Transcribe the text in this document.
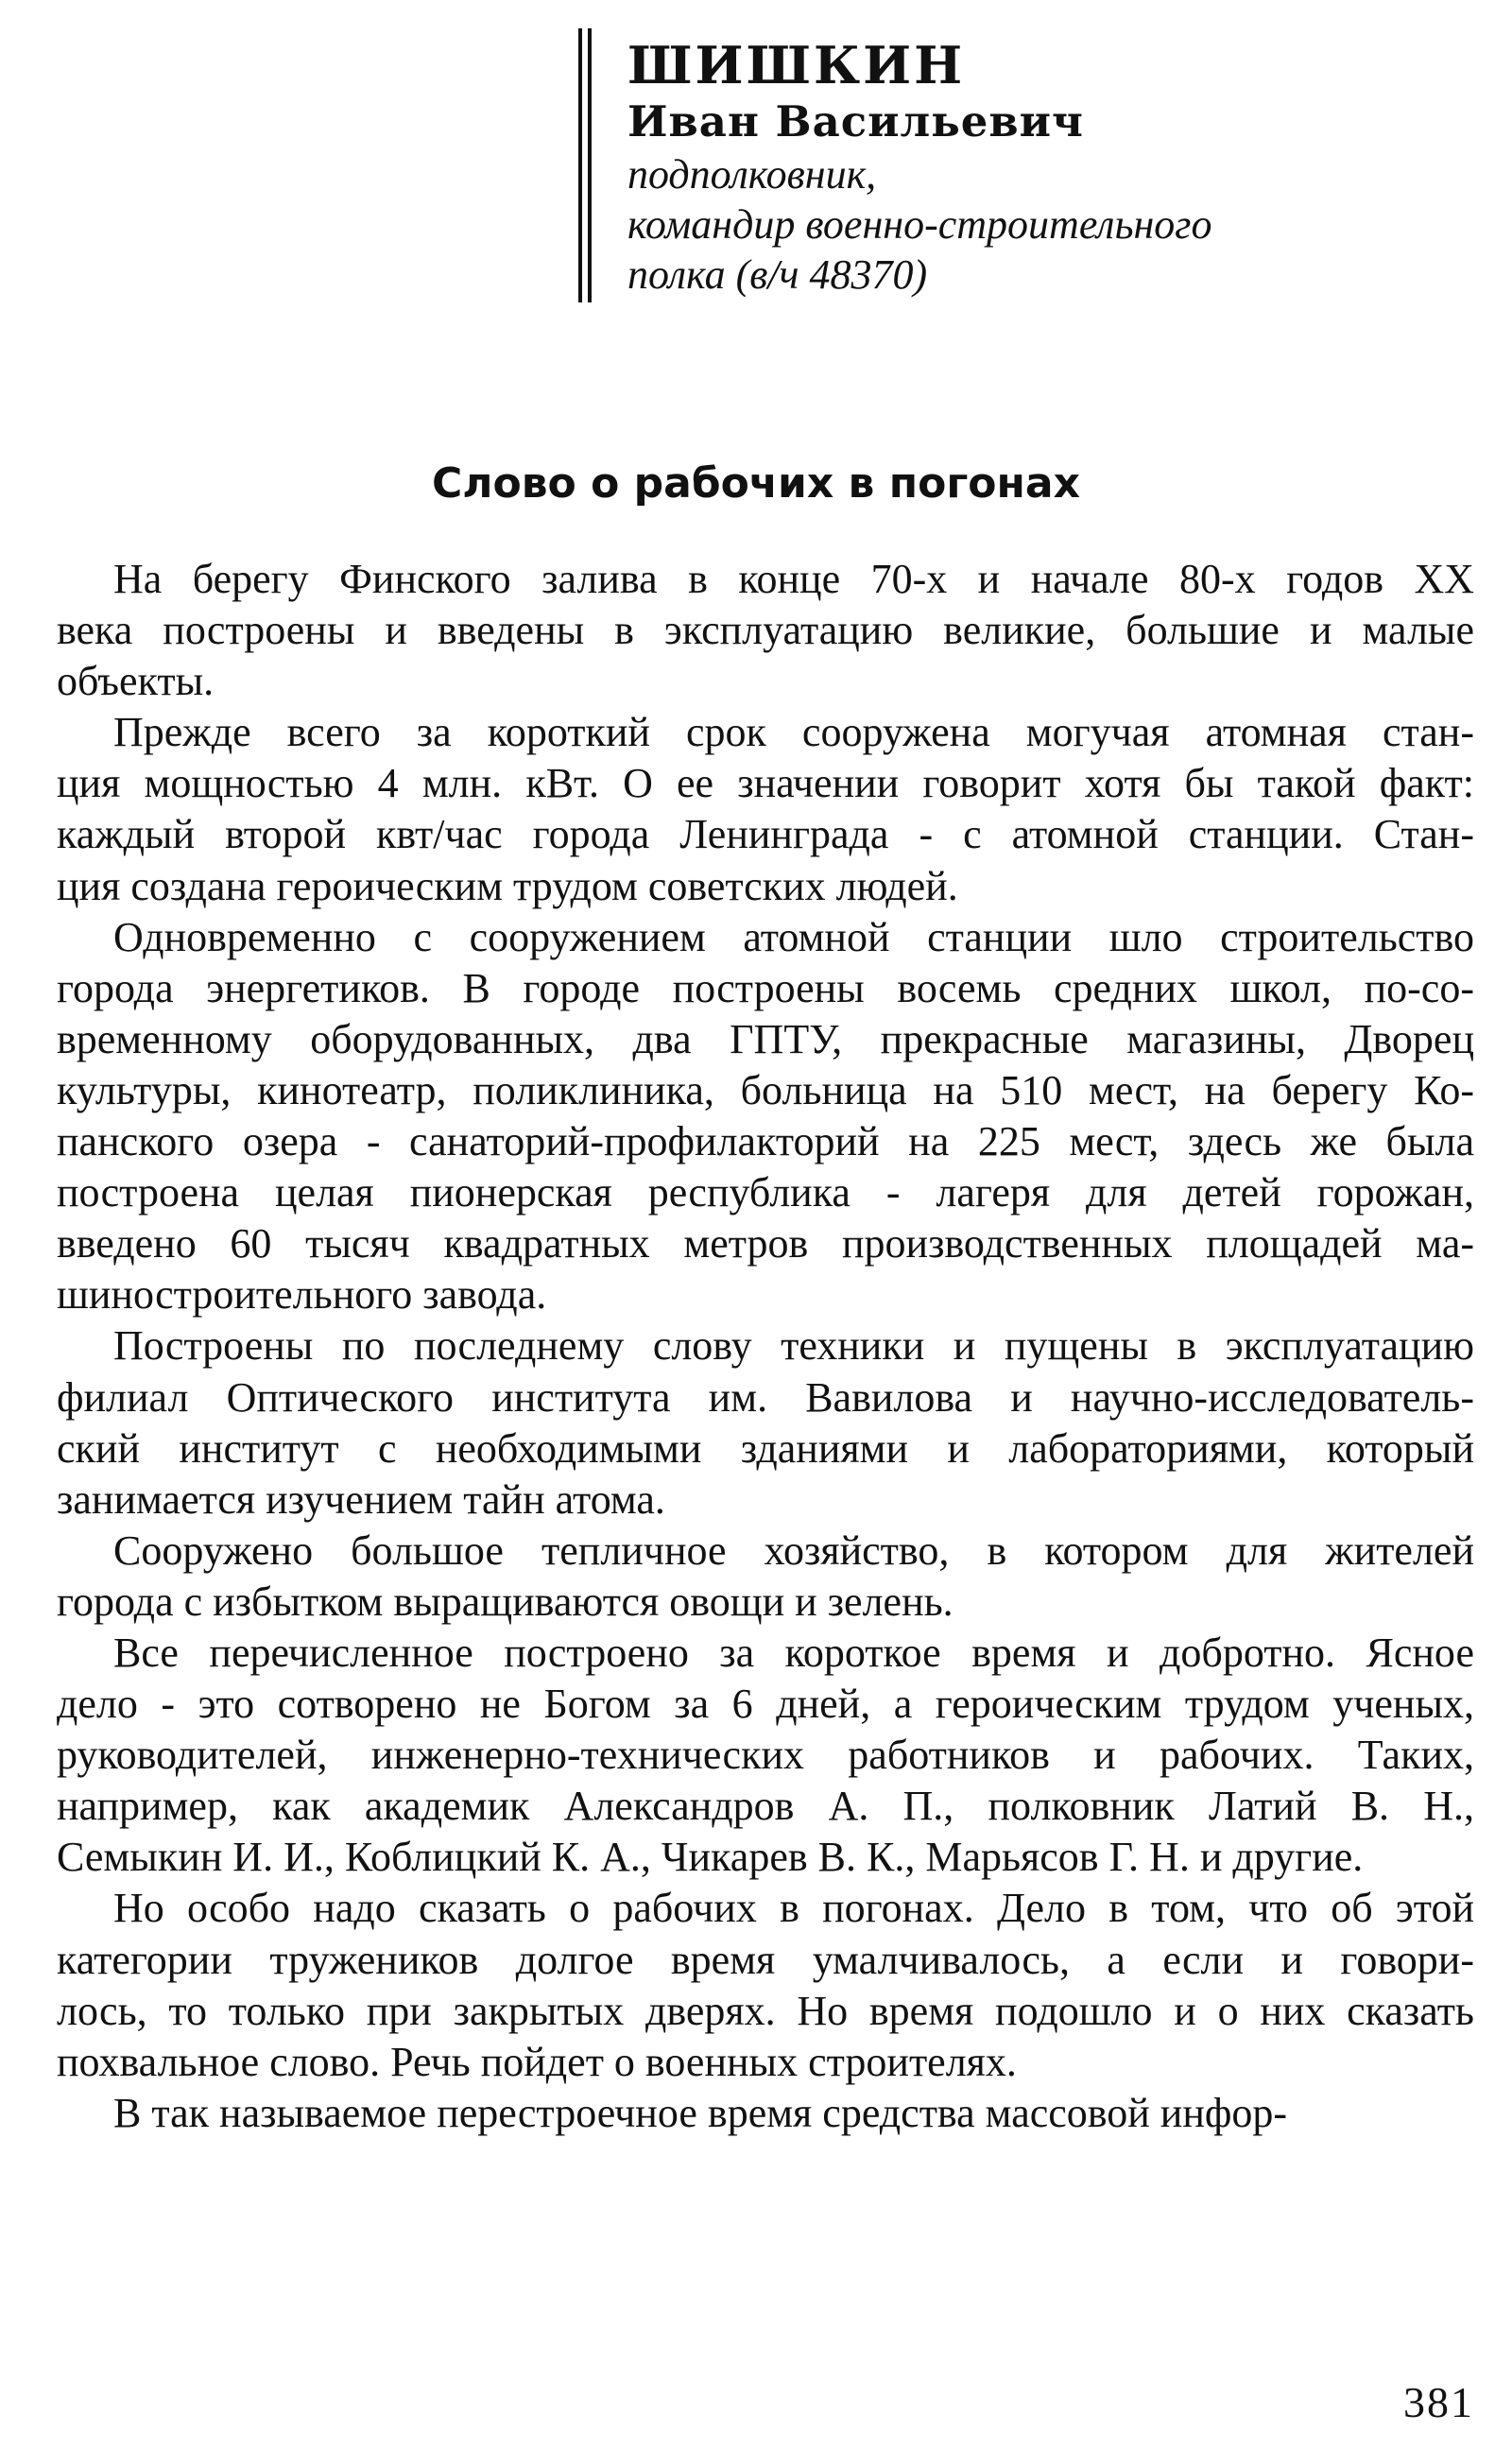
ШИШКИН

Иван Васильевич

подполковник,

командир военно-строительного

полка (в/ч 48370)

Слово о рабочих в погонах

На берегу Финского залива в конце 70-х и начале 80-х годов XX
века построены и введены в эксплуатацию великие, большие и малые
объекты.

Прежде всего за короткий срок сооружена могучая атомная стан-
ция мощностью 4 млн. кВт. О ее значении говорит хотя бы такой факт:
каждый второй квт/час города Ленинграда - с атомной станции. Стан-
ция создана героическим трудом советских людей.

Одновременно с сооружением атомной станции шло строительство
города энергетиков. В городе построены восемь средних школ, по-со-
временному оборудованных, два ГПТУ, прекрасные магазины, Дворец
культуры, кинотеатр, поликлиника, больница на 510 мест, на берегу Ко-
панского озера - санаторий-профилакторий на 225 мест, здесь же была
построена целая пионерская республика - лагеря для детей горожан,
введено 60 тысяч квадратных метров производственных площадей ма-
шиностроительного завода.

Построены по последнему слову техники и пущены в эксплуатацию
филиал Оптического института им. Вавилова и научно-исследователь-
ский институт с необходимыми зданиями и лабораториями, который
занимается изучением тайн атома.

Сооружено большое тепличное хозяйство, в котором для жителей
города с избытком выращиваются овощи и зелень.

Все перечисленное построено за короткое время и добротно. Ясное
дело - это сотворено не Богом за 6 дней, а героическим трудом ученых,
руководителей, инженерно-технических работников и рабочих. Таких,
например, как академик Александров А. П., полковник Латий В. Н.,
Семыкин И. И., Коблицкий К. А., Чикарев В. К., Марьясов Г. Н. и другие.

Но особо надо сказать о рабочих в погонах. Дело в том, что об этой
категории тружеников долгое время умалчивалось, а если и говори-
лось, то только при закрытых дверях. Но время подошло и о них сказать
похвальное слово. Речь пойдет о военных строителях.

В так называемое перестроечное время средства массовой инфор-

381
